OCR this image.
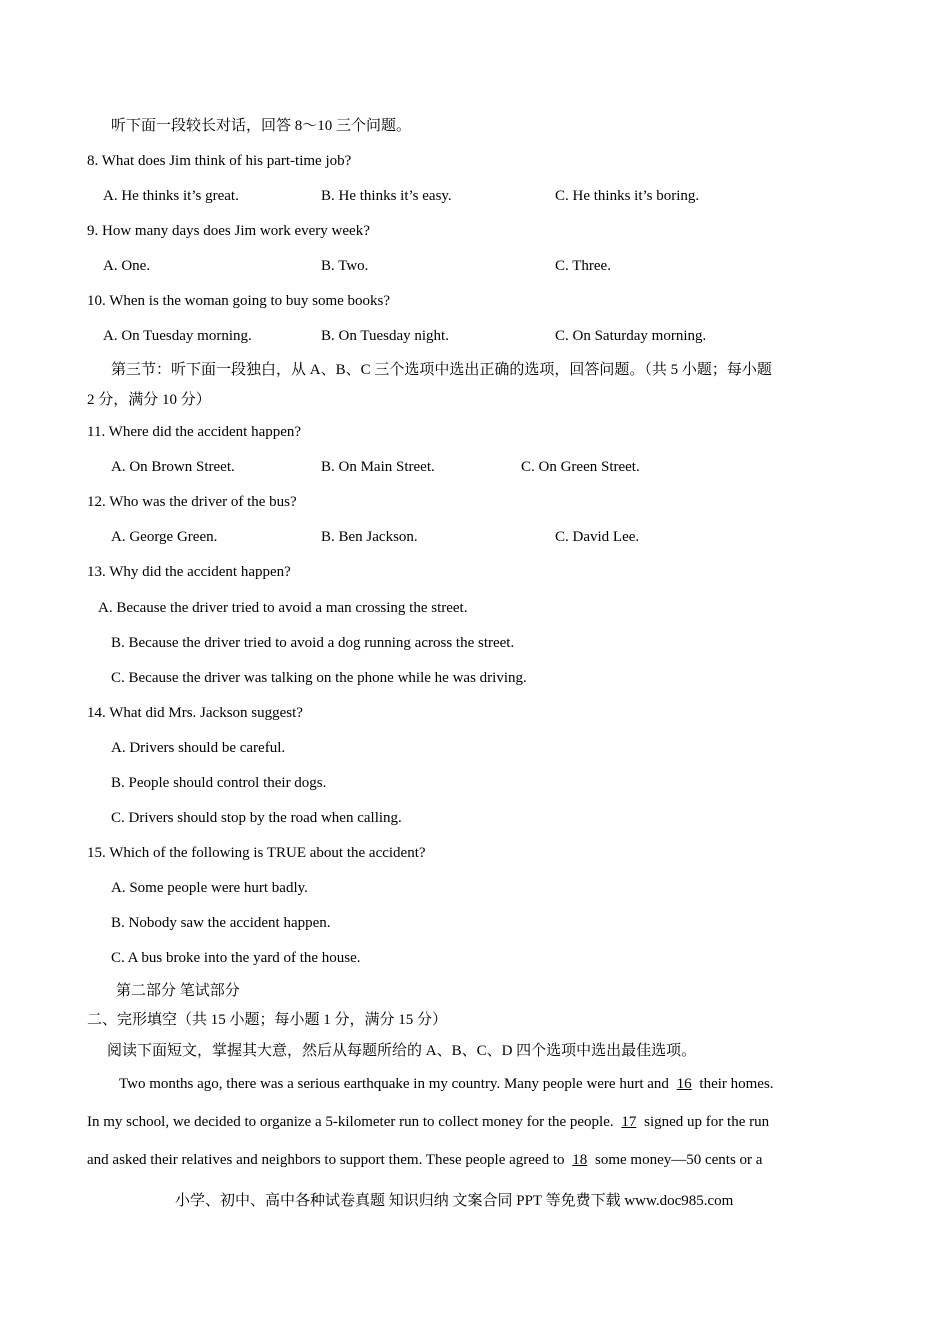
听下面一段较长对话，回答 8～10 三个问题。
8. What does Jim think of his part-time job?
A. He thinks it’s great.	B. He thinks it’s easy.	C. He thinks it’s boring.
9. How many days does Jim work every week?
A. One.	B. Two.	C. Three.
10. When is the woman going to buy some books?
A. On Tuesday morning.	B. On Tuesday night.	C. On Saturday morning.
第三节：听下面一段独白，从 A、B、C 三个选项中选出正确的选项，回答问题。（共 5 小题；每小题
2 分，满分 10 分）
11. Where did the accident happen?
A. On Brown Street.	B. On Main Street.	C. On Green Street.
12. Who was the driver of the bus?
A. George Green.	B. Ben Jackson.	C. David Lee.
13. Why did the accident happen?
A. Because the driver tried to avoid a man crossing the street.
B. Because the driver tried to avoid a dog running across the street.
C. Because the driver was talking on the phone while he was driving.
14. What did Mrs. Jackson suggest?
A. Drivers should be careful.
B. People should control their dogs.
C. Drivers should stop by the road when calling.
15. Which of the following is TRUE about the accident?
A. Some people were hurt badly.
B. Nobody saw the accident happen.
C. A bus broke into the yard of the house.
第二部分 笔试部分
二、完形填空（共 15 小题；每小题 1 分，满分 15 分）
阅读下面短文，掌握其大意，然后从每题所给的 A、B、C、D 四个选项中选出最佳选项。
Two months ago, there was a serious earthquake in my country. Many people were hurt and 16 their homes.
In my school, we decided to organize a 5-kilometer run to collect money for the people. 17 signed up for the run
and asked their relatives and neighbors to support them. These people agreed to 18 some money—50 cents or a
小学、初中、高中各种试卷真题 知识归纳 文案合同 PPT 等免费下载 www.doc985.com
